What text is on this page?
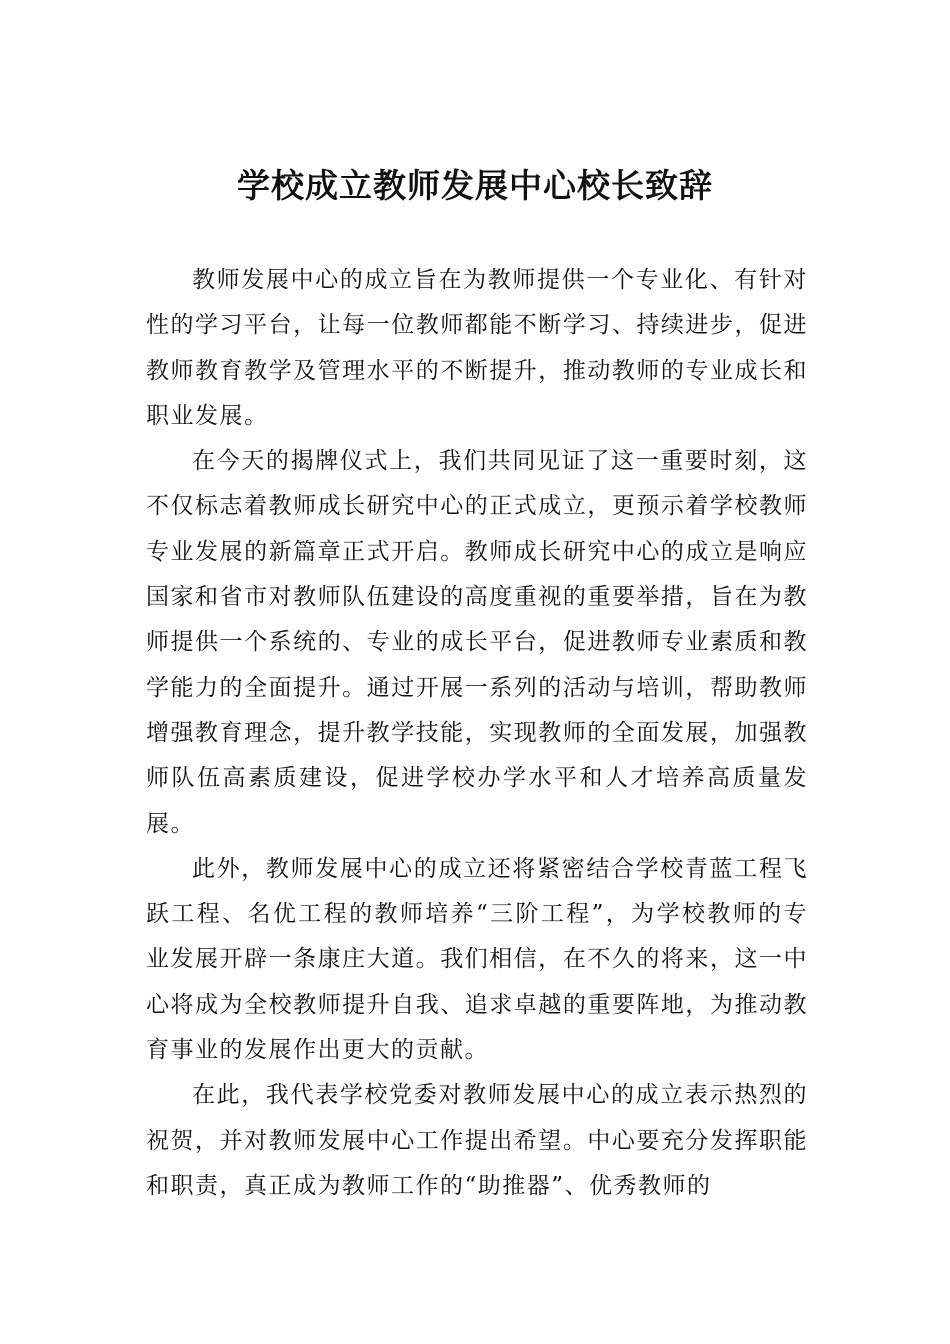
学校成立教师发展中心校长致辞

教师发展中心的成立旨在为教师提供一个专业化、有针对性的学习平台，让每一位教师都能不断学习、持续进步，促进教师教育教学及管理水平的不断提升，推动教师的专业成长和职业发展。

在今天的揭牌仪式上，我们共同见证了这一重要时刻，这不仅标志着教师成长研究中心的正式成立，更预示着学校教师专业发展的新篇章正式开启。教师成长研究中心的成立是响应国家和省市对教师队伍建设的高度重视的重要举措，旨在为教师提供一个系统的、专业的成长平台，促进教师专业素质和教学能力的全面提升。通过开展一系列的活动与培训，帮助教师增强教育理念，提升教学技能，实现教师的全面发展，加强教师队伍高素质建设，促进学校办学水平和人才培养高质量发展。

此外，教师发展中心的成立还将紧密结合学校青蓝工程飞跃工程、名优工程的教师培养“三阶工程”，为学校教师的专业发展开辟一条康庄大道。我们相信，在不久的将来，这一中心将成为全校教师提升自我、追求卓越的重要阵地，为推动教育事业的发展作出更大的贡献。

在此，我代表学校党委对教师发展中心的成立表示热烈的祝贺，并对教师发展中心工作提出希望。中心要充分发挥职能和职责，真正成为教师工作的“助推器”、优秀教师的
